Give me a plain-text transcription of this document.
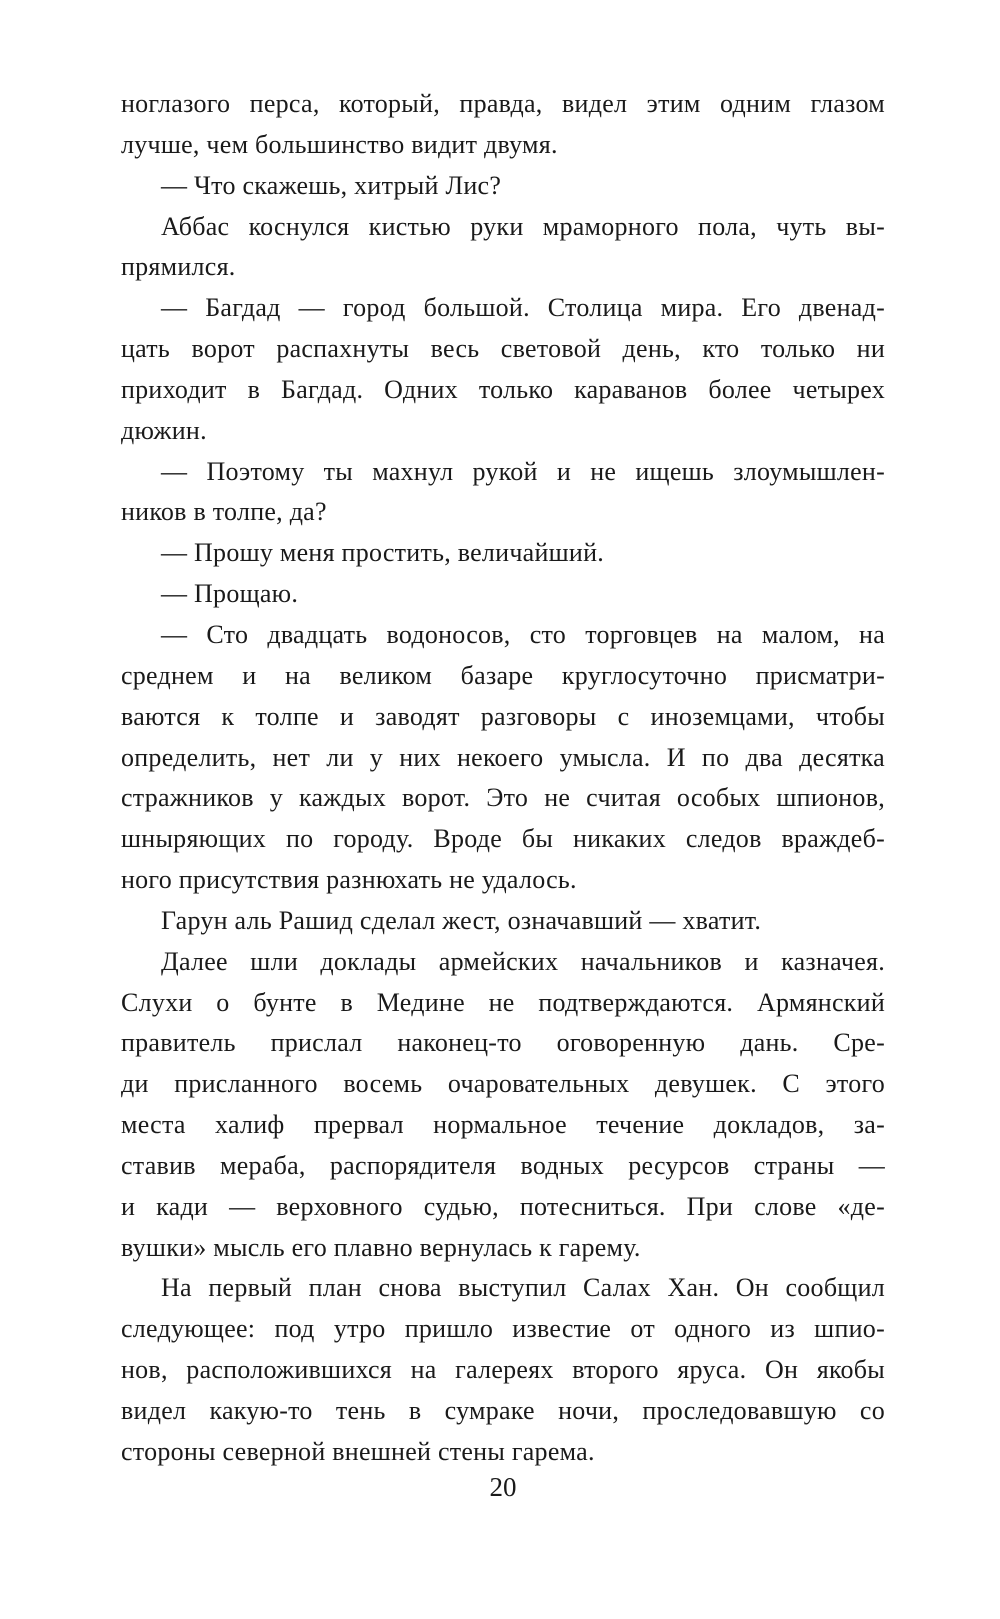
ноглазого перса, который, правда, видел этим одним глазом
лучше, чем большинство видит двумя.
— Что скажешь, хитрый Лис?
Аббас коснулся кистью руки мраморного пола, чуть вы-
прямился.
— Багдад — город большой. Столица мира. Его двенад-
цать ворот распахнуты весь световой день, кто только ни
приходит в Багдад. Одних только караванов более четырех
дюжин.
— Поэтому ты махнул рукой и не ищешь злоумышлен-
ников в толпе, да?
— Прошу меня простить, величайший.
— Прощаю.
— Сто двадцать водоносов, сто торговцев на малом, на
среднем и на великом базаре круглосуточно присматри-
ваются к толпе и заводят разговоры с иноземцами, чтобы
определить, нет ли у них некоего умысла. И по два десятка
стражников у каждых ворот. Это не считая особых шпионов,
шныряющих по городу. Вроде бы никаких следов враждеб-
ного присутствия разнюхать не удалось.
Гарун аль Рашид сделал жест, означавший — хватит.
Далее шли доклады армейских начальников и казначея.
Слухи о бунте в Медине не подтверждаются. Армянский
правитель прислал наконец-то оговоренную дань. Сре-
ди присланного восемь очаровательных девушек. С этого
места халиф прервал нормальное течение докладов, за-
ставив мераба, распорядителя водных ресурсов страны —
и кади — верховного судью, потесниться. При слове «де-
вушки» мысль его плавно вернулась к гарему.
На первый план снова выступил Салах Хан. Он сообщил
следующее: под утро пришло известие от одного из шпио-
нов, расположившихся на галереях второго яруса. Он якобы
видел какую-то тень в сумраке ночи, проследовавшую со
стороны северной внешней стены гарема.
20
